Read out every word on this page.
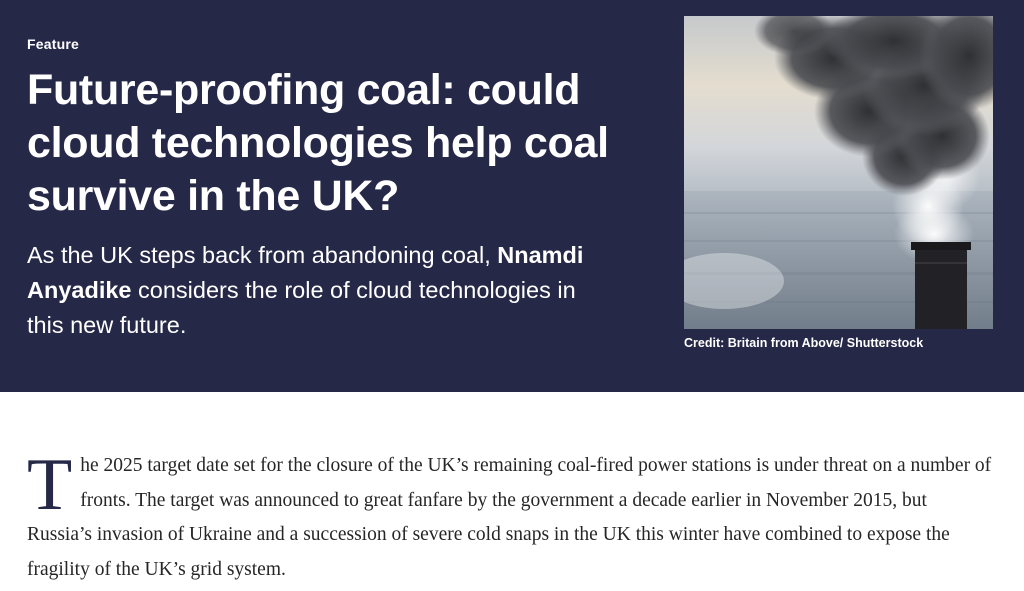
Feature
Future-proofing coal: could cloud technologies help coal survive in the UK?

As the UK steps back from abandoning coal, Nnamdi Anyadike considers the role of cloud technologies in this new future.

Credit: Britain from Above/ Shutterstock

The 2025 target date set for the closure of the UK’s remaining coal-fired power stations is under threat on a number of fronts. The target was announced to great fanfare by the government a decade earlier in November 2015, but Russia’s invasion of Ukraine and a succession of severe cold snaps in the UK this winter have combined to expose the fragility of the UK’s grid system.
